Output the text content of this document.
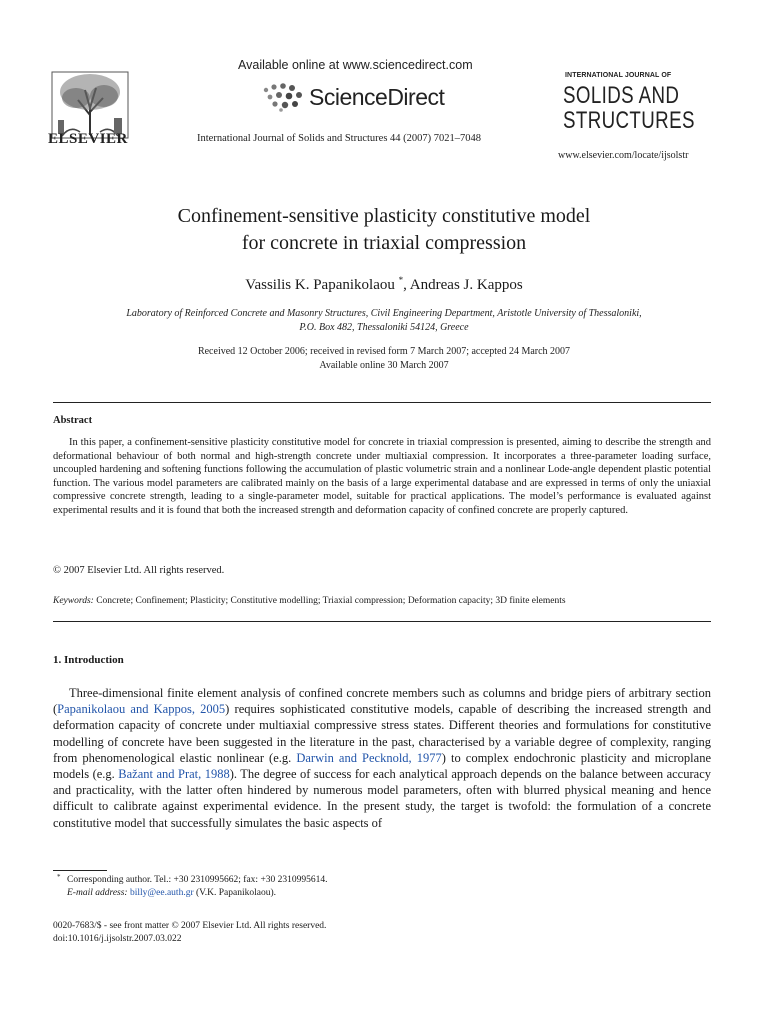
ELSEVIER
Available online at www.sciencedirect.com
ScienceDirect
International Journal of Solids and Structures 44 (2007) 7021–7048
INTERNATIONAL JOURNAL OF
SOLIDS AND
STRUCTURES
www.elsevier.com/locate/ijsolstr
Confinement-sensitive plasticity constitutive model
for concrete in triaxial compression
Vassilis K. Papanikolaou *, Andreas J. Kappos
Laboratory of Reinforced Concrete and Masonry Structures, Civil Engineering Department, Aristotle University of Thessaloniki,
P.O. Box 482, Thessaloniki 54124, Greece
Received 12 October 2006; received in revised form 7 March 2007; accepted 24 March 2007
Available online 30 March 2007
Abstract

In this paper, a confinement-sensitive plasticity constitutive model for concrete in triaxial compression is presented, aiming to describe the strength and deformational behaviour of both normal and high-strength concrete under multiaxial compression. It incorporates a three-parameter loading surface, uncoupled hardening and softening functions following the accumulation of plastic volumetric strain and a nonlinear Lode-angle dependent plastic potential function. The various model parameters are calibrated mainly on the basis of a large experimental database and are expressed in terms of only the uniaxial compressive concrete strength, leading to a single-parameter model, suitable for practical applications. The model’s performance is evaluated against experimental results and it is found that both the increased strength and deformation capacity of confined concrete are properly captured.

© 2007 Elsevier Ltd. All rights reserved.
Keywords: Concrete; Confinement; Plasticity; Constitutive modelling; Triaxial compression; Deformation capacity; 3D finite elements
1. Introduction

Three-dimensional finite element analysis of confined concrete members such as columns and bridge piers of arbitrary section (Papanikolaou and Kappos, 2005) requires sophisticated constitutive models, capable of describing the increased strength and deformation capacity of concrete under multiaxial compressive stress states. Different theories and formulations for constitutive modelling of concrete have been suggested in the literature in the past, characterised by a variable degree of complexity, ranging from phenomenological elastic nonlinear (e.g. Darwin and Pecknold, 1977) to complex endochronic plasticity and microplane models (e.g. Bažant and Prat, 1988). The degree of success for each analytical approach depends on the balance between accuracy and practicality, with the latter often hindered by numerous model parameters, often with blurred physical meaning and hence difficult to calibrate against experimental evidence. In the present study, the target is twofold: the formulation of a concrete constitutive model that successfully simulates the basic aspects of

* Corresponding author. Tel.: +30 2310995662; fax: +30 2310995614.
E-mail address: billy@ee.auth.gr (V.K. Papanikolaou).
0020-7683/$ - see front matter © 2007 Elsevier Ltd. All rights reserved.
doi:10.1016/j.ijsolstr.2007.03.022
